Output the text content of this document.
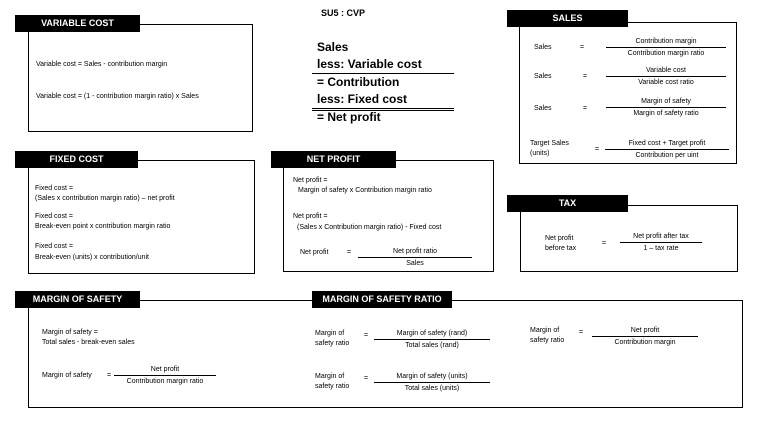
SU5 : CVP
Sales
less: Variable cost
= Contribution
less: Fixed cost
= Net profit
VARIABLE COST
Variable cost = Sales - contribution margin
Variable cost = (1 - contribution margin ratio) x Sales
SALES
Sales	=
Contribution margin
Contribution margin ratio
Sales	=
Variable cost
Variable cost ratio
Sales	=
Margin of safety
Margin of safety ratio
Target Sales
(units)
=
Fixed cost + Target profit
Contribution per uint
FIXED COST
Fixed cost =
(Sales x contribution margin ratio) – net profit
Fixed cost =
Break-even point x contribution margin ratio
Fixed cost =
Break-even (units) x contribution/unit
NET PROFIT
Net profit =
Margin of safety x Contribution margin ratio
Net profit =
(Sales x Contribution margin ratio) - Fixed cost
Net profit	=	Net profit ratio
Sales
TAX
Net profit
before tax
=
Net profit after tax
1 – tax rate
MARGIN OF SAFETY	MARGIN OF SAFETY RATIO
Margin of safety =
Total sales - break-even sales
Margin of safety =
Net profit
Contribution margin ratio
Margin of
safety ratio
=	Margin of safety (rand)
Total sales (rand)
Margin of
safety ratio
=	Margin of safety (units)
Total sales (units)
Margin of
safety ratio
=	Net profit
Contribution margin
